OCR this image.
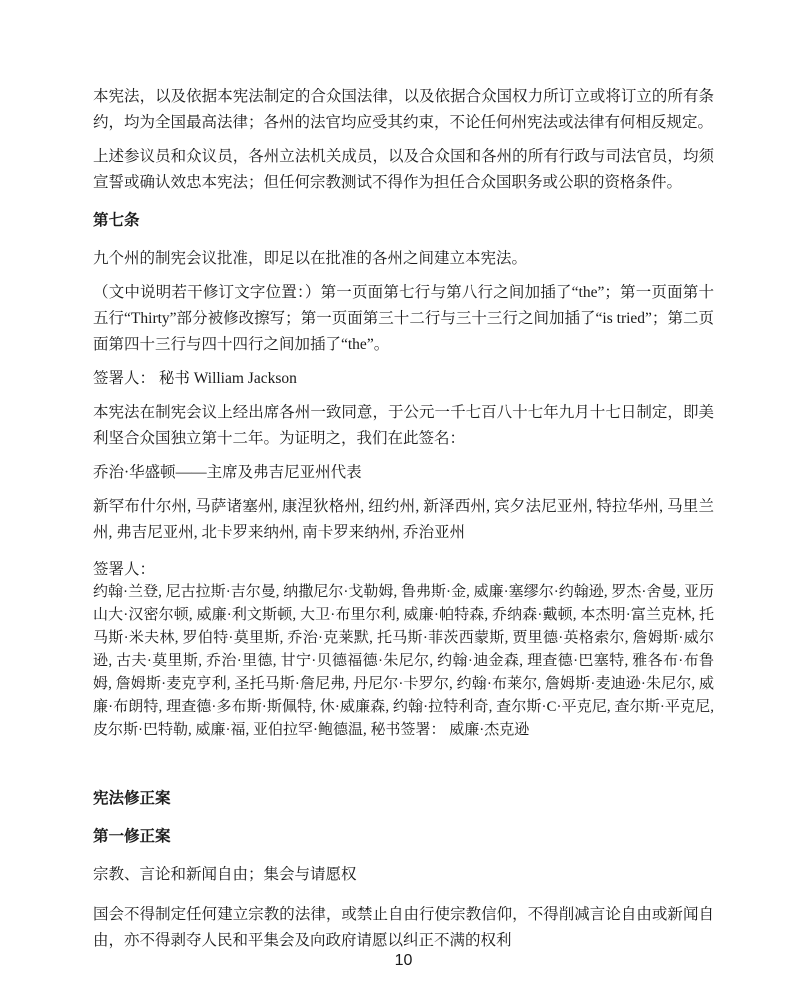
本宪法，以及依据本宪法制定的合众国法律，以及依据合众国权力所订立或将订立的所有条约，均为全国最高法律；各州的法官均应受其约束，不论任何州宪法或法律有何相反规定。

上述参议员和众议员，各州立法机关成员，以及合众国和各州的所有行政与司法官员，均须宣誓或确认效忠本宪法；但任何宗教测试不得作为担任合众国职务或公职的资格条件。

第七条

九个州的制宪会议批准，即足以在批准的各州之间建立本宪法。

（文中说明若干修订文字位置：）第一页面第七行与第八行之间加插了“the”；第一页面第十五行“Thirty”部分被修改擦写；第一页面第三十二行与三十三行之间加插了“is tried”；第二页面第四十三行与四十四行之间加插了“the”。

签署人： 秘书 William Jackson

本宪法在制宪会议上经出席各州一致同意，于公元一千七百八十七年九月十七日制定，即美利坚合众国独立第十二年。为证明之，我们在此签名：

乔治·华盛顿——主席及弗吉尼亚州代表

新罕布什尔州, 马萨诸塞州, 康涅狄格州, 纽约州, 新泽西州, 宾夕法尼亚州, 特拉华州, 马里兰州, 弗吉尼亚州, 北卡罗来纳州, 南卡罗来纳州, 乔治亚州

签署人：

约翰·兰登, 尼古拉斯·吉尔曼, 纳撒尼尔·戈勒姆, 鲁弗斯·金, 威廉·塞缪尔·约翰逊, 罗杰·舍曼, 亚历山大·汉密尔顿, 威廉·利文斯顿, 大卫·布里尔利, 威廉·帕特森, 乔纳森·戴顿, 本杰明·富兰克林, 托马斯·米夫林, 罗伯特·莫里斯, 乔治·克莱默, 托马斯·菲茨西蒙斯, 贾里德·英格索尔, 詹姆斯·威尔逊, 古夫·莫里斯, 乔治·里德, 甘宁·贝德福德·朱尼尔, 约翰·迪金森, 理查德·巴塞特, 雅各布·布鲁姆, 詹姆斯·麦克亨利, 圣托马斯·詹尼弗, 丹尼尔·卡罗尔, 约翰·布莱尔, 詹姆斯·麦迪逊·朱尼尔, 威廉·布朗特, 理查德·多布斯·斯佩特, 休·威廉森, 约翰·拉特利奇, 查尔斯·C·平克尼, 查尔斯·平克尼, 皮尔斯·巴特勒, 威廉·福, 亚伯拉罕·鲍德温, 秘书签署： 威廉·杰克逊

宪法修正案

第一修正案

宗教、言论和新闻自由；集会与请愿权

国会不得制定任何建立宗教的法律，或禁止自由行使宗教信仰，不得削减言论自由或新闻自由，亦不得剥夺人民和平集会及向政府请愿以纠正不满的权利

10
